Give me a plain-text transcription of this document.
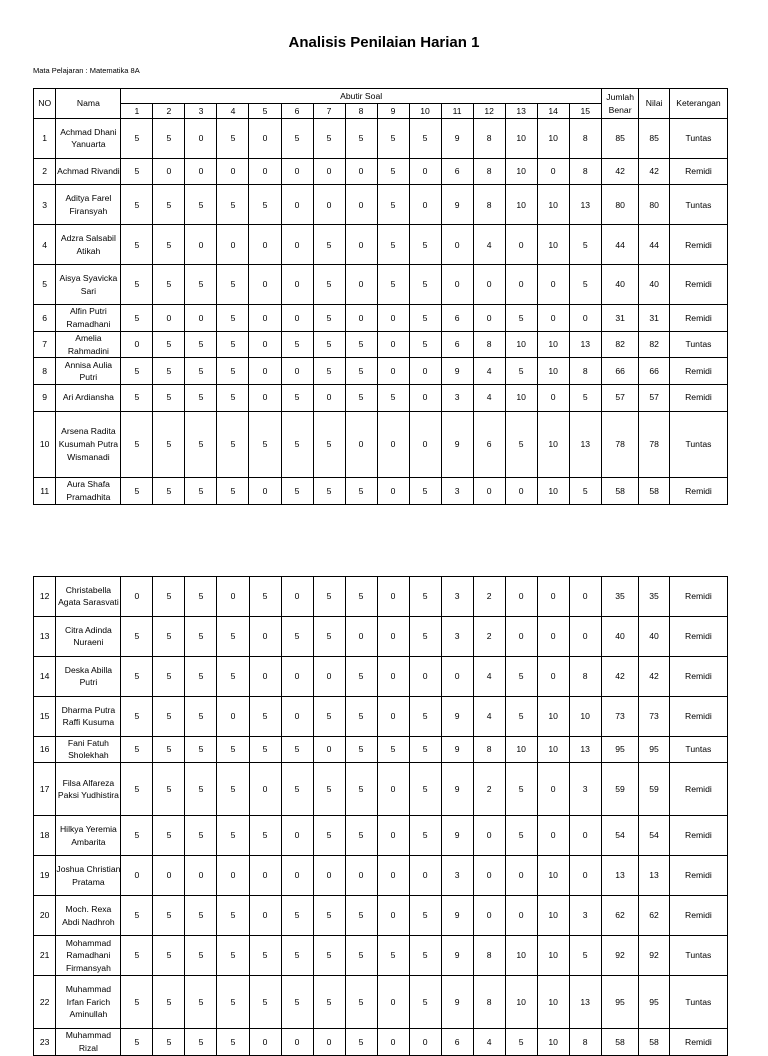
Analisis Penilaian Harian 1
Mata Pelajaran : Matematika 8A
NO	Nama	Abutir Soal															Jumlah Benar	Nilai	Keterangan
		1	2	3	4	5	6	7	8	9	10	11	12	13	14	15			
1	Achmad Dhani Yanuarta	5	5	0	5	0	5	5	5	5	5	9	8	10	10	8	85	85	Tuntas
2	Achmad Rivandi	5	0	0	0	0	0	0	0	5	0	6	8	10	0	8	42	42	Remidi
3	Aditya Farel Firansyah	5	5	5	5	5	0	0	0	5	0	9	8	10	10	13	80	80	Tuntas
4	Adzra Salsabil Atikah	5	5	0	0	0	0	5	0	5	5	0	4	0	10	5	44	44	Remidi
5	Aisya Syavicka Sari	5	5	5	5	0	0	5	0	5	5	0	0	0	0	5	40	40	Remidi
6	Alfin Putri Ramadhani	5	0	0	5	0	0	5	0	0	5	6	0	5	0	0	31	31	Remidi
7	Amelia Rahmadini	0	5	5	5	0	5	5	5	0	5	6	8	10	10	13	82	82	Tuntas
8	Annisa Aulia Putri	5	5	5	5	0	0	5	5	0	0	9	4	5	10	8	66	66	Remidi
9	Ari Ardiansha	5	5	5	5	0	5	0	5	5	0	3	4	10	0	5	57	57	Remidi
10	Arsena Radita Kusumah Putra Wismanadi	5	5	5	5	5	5	5	0	0	0	9	6	5	10	13	78	78	Tuntas
11	Aura Shafa Pramadhita	5	5	5	5	0	5	5	5	0	5	3	0	0	10	5	58	58	Remidi
12	Christabella Agata Sarasvati	0	5	5	0	5	0	5	5	0	5	3	2	0	0	0	35	35	Remidi
13	Citra Adinda Nuraeni	5	5	5	5	0	5	5	0	0	5	3	2	0	0	0	40	40	Remidi
14	Deska Abilla Putri	5	5	5	5	0	0	0	5	0	0	0	4	5	0	8	42	42	Remidi
15	Dharma Putra Raffi Kusuma	5	5	5	0	5	0	5	5	0	5	9	4	5	10	10	73	73	Remidi
16	Fani Fatuh Sholekhah	5	5	5	5	5	5	0	5	5	5	9	8	10	10	13	95	95	Tuntas
17	Filsa Alfareza Paksi Yudhistira	5	5	5	5	0	5	5	5	0	5	9	2	5	0	3	59	59	Remidi
18	Hilkya Yeremia Ambarita	5	5	5	5	5	0	5	5	0	5	9	0	5	0	0	54	54	Remidi
19	Joshua Christian Pratama	0	0	0	0	0	0	0	0	0	0	3	0	0	10	0	13	13	Remidi
20	Moch. Rexa Abdi Nadhroh	5	5	5	5	0	5	5	5	0	5	9	0	0	10	3	62	62	Remidi
21	Mohammad Ramadhani Firmansyah	5	5	5	5	5	5	5	5	5	5	9	8	10	10	5	92	92	Tuntas
22	Muhammad Irfan Farich Aminullah	5	5	5	5	5	5	5	5	0	5	9	8	10	10	13	95	95	Tuntas
23	Muhammad Rizal	5	5	5	5	0	0	0	5	0	0	6	4	5	10	8	58	58	Remidi
